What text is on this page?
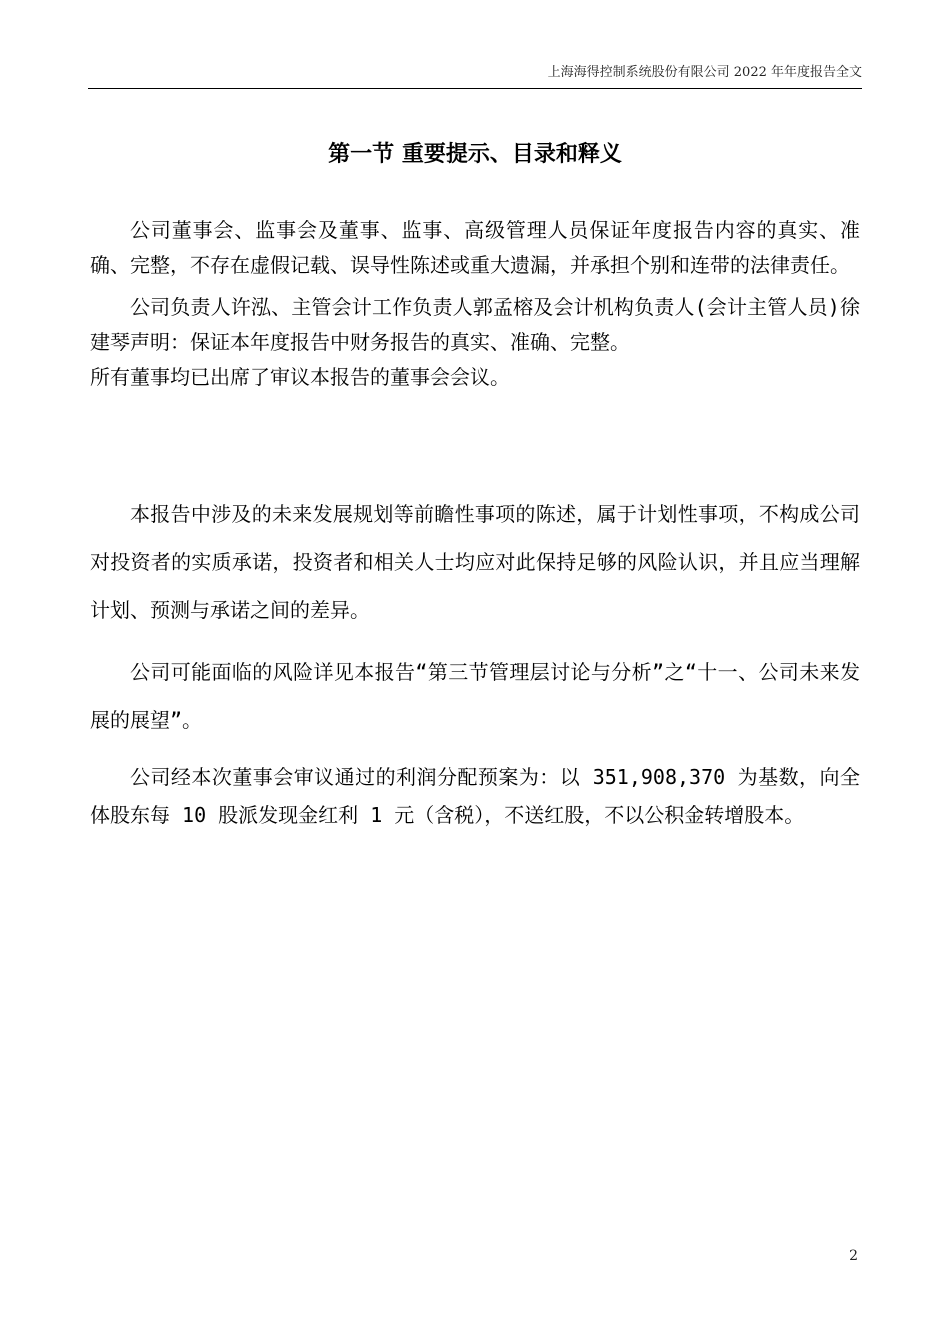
上海海得控制系统股份有限公司 2022 年年度报告全文
第一节 重要提示、目录和释义

公司董事会、监事会及董事、监事、高级管理人员保证年度报告内容的真实、准确、完整，不存在虚假记载、误导性陈述或重大遗漏，并承担个别和连带的法律责任。

公司负责人许泓、主管会计工作负责人郭孟榕及会计机构负责人(会计主管人员)徐建琴声明：保证本年度报告中财务报告的真实、准确、完整。

所有董事均已出席了审议本报告的董事会会议。

本报告中涉及的未来发展规划等前瞻性事项的陈述，属于计划性事项，不构成公司对投资者的实质承诺，投资者和相关人士均应对此保持足够的风险认识，并且应当理解计划、预测与承诺之间的差异。

公司可能面临的风险详见本报告“第三节管理层讨论与分析”之“十一、公司未来发展的展望”。

公司经本次董事会审议通过的利润分配预案为：以 351,908,370 为基数，向全体股东每 10 股派发现金红利 1 元（含税），不送红股，不以公积金转增股本。

2
